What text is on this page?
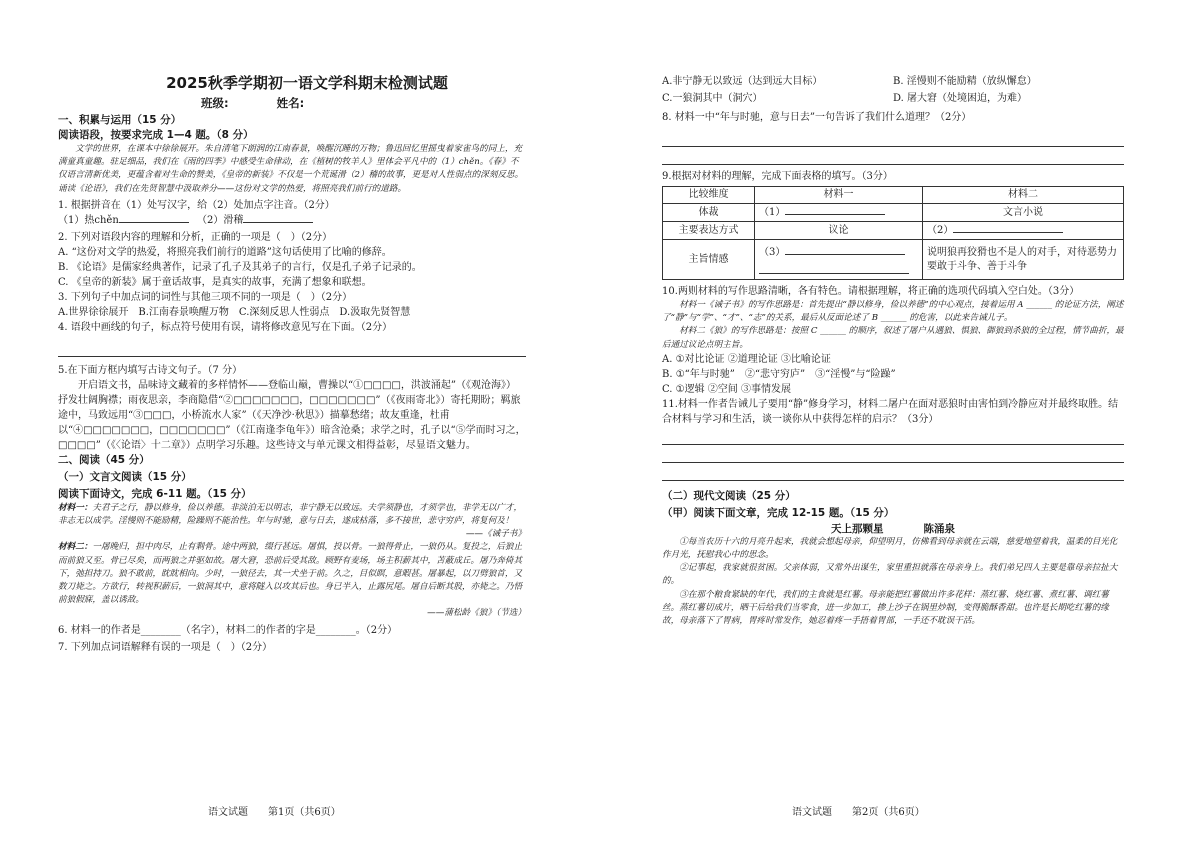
2025秋季学期初一语文学科期末检测试题
班级:	姓名:
一、积累与运用（15 分）
阅读语段，按要求完成 1—4 题。（8 分）
文学的世界，在课本中徐徐展开。朱自清笔下朗润的江南春景，唤醒沉睡的万物；鲁迅回忆里摇曳着家雀鸟的同上，充满童真童趣。驻足细品，我们在《雨的四季》中感受生命律动，在《植树的牧羊人》里体会平凡中的（1）chěn。《春》不仅语言清新优美，更蕴含着对生命的赞美，《皇帝的新装》不仅是一个荒诞滑（2）稽的故事，更是对人性弱点的深刻反思。诵读《论语》，我们在先贤智慧中汲取养分——这份对文学的热爱，将照亮我们前行的道路。
1. 根据拼音在（1）处写汉字，给（2）处加点字注音。（2分）
（1）热chěn 　	（2）滑稽
2. 下列对语段内容的理解和分析，正确的一项是（　）（2分）
A. “这份对文学的热爱，将照亮我们前行的道路”这句话使用了比喻的修辞。
B. 《论语》是儒家经典著作，记录了孔子及其弟子的言行，仅是孔子弟子记录的。
C. 《皇帝的新装》属于童话故事，是真实的故事，充满了想象和联想。
3. 下列句子中加点词的词性与其他三项不同的一项是（　）（2分）
A.世界徐徐展开　B.江南春景唤醒万物　C.深刻反思人性弱点　D.汲取先贤智慧
4. 语段中画线的句子，标点符号使用有误，请将修改意见写在下面。（2分）
5.在下面方框内填写古诗文句子。（7 分）
开启语文书，品味诗文藏着的多样情怀——登临山巅，曹操以“①□□□□，洪波涌起”（《观沧海》）抒发壮阔胸襟；雨夜思亲，李商隐借“②□□□□□□□，□□□□□□□”（《夜雨寄北》）寄托期盼；羁旅途中，马致远用“③□□□，小桥流水人家”（《天净沙·秋思》）描摹愁绪；故友重逢，杜甫以“④□□□□□□□，□□□□□□□”（《江南逢李龟年》）暗含沧桑；求学之时，孔子以“⑤学而时习之，□□□□”（《〈论语〉十二章》）点明学习乐趣。这些诗文与单元课文相得益彰，尽显语文魅力。
二、阅读（45 分）
（一）文言文阅读（15 分）
阅读下面诗文，完成 6-11 题。（15 分）
材料一：夫君子之行，静以修身，俭以养德。非淡泊无以明志，非宁静无以致远。夫学须静也，才须学也，非学无以广才，非志无以成学。淫慢则不能励精，险躁则不能治性。年与时驰，意与日去，遂成枯落，多不接世，悲守穷庐，将复何及！
——《诫子书》
材料二：一屠晚归，担中肉尽，止有剩骨。途中两狼，缀行甚远。屠惧，投以骨。一狼得骨止，一狼仍从。复投之，后狼止而前狼又至。骨已尽矣，而两狼之并驱如故。屠大窘，恐前后受其敌。顾野有麦场，场主积薪其中，苫蔽成丘。屠乃奔倚其下，弛担持刀。狼不敢前，眈眈相向。少时，一狼径去，其一犬坐于前。久之，目似瞑，意暇甚。屠暴起，以刀劈狼首，又数刀毙之。方欲行，转视积薪后，一狼洞其中，意将隧入以攻其后也。身已半入，止露尻尾。屠自后断其股，亦毙之。乃悟前狼假寐，盖以诱敌。
——蒲松龄《狼》（节选）
6. 材料一的作者是________（名字），材料二的作者的字是________。（2分）
7. 下列加点词语解释有误的一项是（　）（2分）
语文试题　　第1页（共6页）
A.非宁静无以致远（达到远大目标）	B. 淫慢则不能励精（放纵懈怠）
C.一狼洞其中（洞穴）	D. 屠大窘（处境困迫，为难）
8. 材料一中“年与时驰，意与日去”一句告诉了我们什么道理？（2分）
9.根据对材料的理解，完成下面表格的填写。（3分）
比较维度	材料一	材料二
体裁	（1）	文言小说
主要表达方式	议论	（2）
主旨情感	（3）	说明狼再狡猾也不是人的对手，对待恶势力要敢于斗争、善于斗争
10.两则材料的写作思路清晰，各有特色。请根据理解，将正确的选项代码填入空白处。（3分）
材料一《诫子书》的写作思路是：首先提出“静以修身，俭以养德”的中心观点，接着运用 A ______ 的论证方法，阐述了“静”与“学”、“才”、“志”的关系，最后从反面论述了 B ______ 的危害，以此来告诫儿子。
材料二《狼》的写作思路是：按照 C ______ 的顺序，叙述了屠户从遇狼、惧狼、御狼到杀狼的全过程，情节曲折，最后通过议论点明主旨。
A. ①对比论证 ②道理论证 ③比喻论证
B. ①“年与时驰”　②“悲守穷庐”　③“淫慢”与“险躁”
C. ①逻辑 ②空间 ③事情发展
11.材料一作者告诫儿子要用“静”修身学习，材料二屠户在面对恶狼时由害怕到冷静应对并最终取胜。结合材料与学习和生活，谈一谈你从中获得怎样的启示？（3分）
（二）现代文阅读（25 分）
（甲）阅读下面文章，完成 12-15 题。（15 分）
天上那颗星	陈涌泉
①每当农历十六的月亮升起来，我就会想起母亲，仰望明月，仿佛看到母亲就在云端，慈爱地望着我，温柔的目光化作月光，抚慰我心中的思念。
②记事起，我家就很贫困。父亲体弱，又常外出谋生，家里重担就落在母亲身上。我们弟兄四人主要是靠母亲拉扯大的。
③在那个粮食紧缺的年代，我们的主食就是红薯。母亲能把红薯做出许多花样：蒸红薯、烧红薯、煮红薯、调红薯丝。蒸红薯切成片，晒干后给我们当零食，进一步加工，掺上沙子在锅里炒制，变得脆酥香甜。也许是长期吃红薯的缘故，母亲落下了胃病，胃疼时常发作，她忍着疼一手捂着胃部，一手还不耽误干活。
语文试题　　第2页（共6页）
